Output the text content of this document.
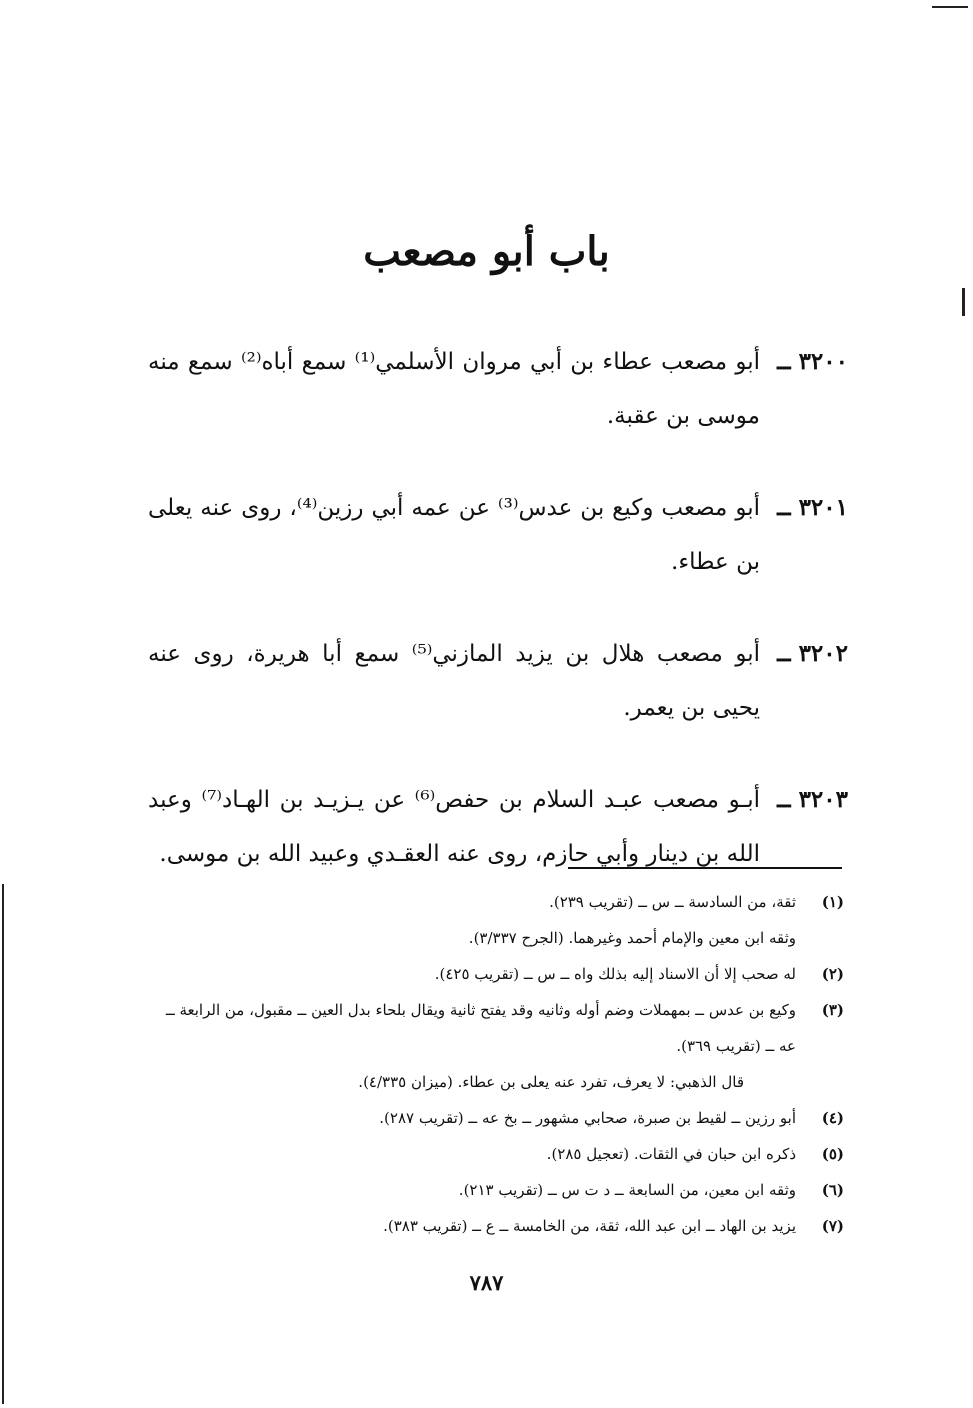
باب أبو مصعب
٣٢٠٠ ــ
أبو مصعب عطاء بن أبي مروان الأسلمي⁽¹⁾ سمع أباه⁽²⁾ سمع منه موسى بن عقبة.
٣٢٠١ ــ
أبو مصعب وكيع بن عدس⁽³⁾ عن عمه أبي رزين⁽⁴⁾، روى عنه يعلى بن عطاء.
٣٢٠٢ ــ
أبو مصعب هلال بن يزيد المازني⁽⁵⁾ سمع أبا هريرة، روى عنه يحيى بن يعمر.
٣٢٠٣ ــ
أبـو مصعب عبـد السلام بن حفص⁽⁶⁾ عن يـزيـد بن الهـاد⁽⁷⁾ وعبد الله بن دينار وأبي حازم، روى عنه العقـدي وعبيد الله بن موسى.
(١)
ثقة، من السادسة ــ س ــ (تقريب ٢٣٩).
وثقه ابن معين والإمام أحمد وغيرهما. (الجرح ٣/٣٣٧).
(٢)
له صحب إلا أن الاسناد إليه بذلك واه ــ س ــ (تقريب ٤٢٥).
(٣)
وكيع بن عدس ــ بمهملات وضم أوله وثانيه وقد يفتح ثانية ويقال بلحاء بدل العين ــ مقبول، من الرابعة ــ عه ــ (تقريب ٣٦٩).
قال الذهبي: لا يعرف، تفرد عنه يعلى بن عطاء. (ميزان ٤/٣٣٥).
(٤)
أبو رزين ــ لقيط بن صبرة، صحابي مشهور ــ بخ عه ــ (تقريب ٢٨٧).
(٥)
ذكره ابن حبان في الثقات. (تعجيل ٢٨٥).
(٦)
وثقه ابن معين، من السابعة ــ د ت س ــ (تقريب ٢١٣).
(٧)
يزيد بن الهاد ــ ابن عبد الله، ثقة، من الخامسة ــ ع ــ (تقريب ٣٨٣).
٧٨٧
